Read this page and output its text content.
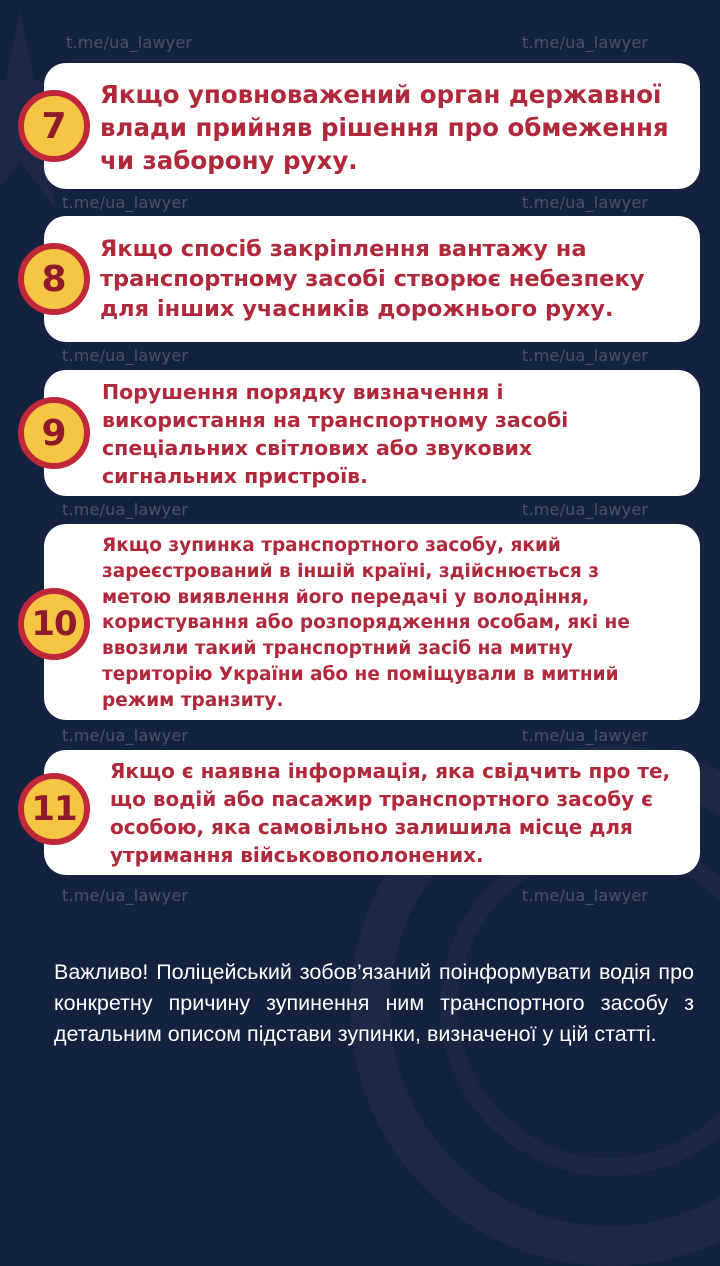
t.me/ua_lawyer	t.me/ua_lawyer
t.me/ua_lawyer	t.me/ua_lawyer
t.me/ua_lawyer	t.me/ua_lawyer
t.me/ua_lawyer	t.me/ua_lawyer
t.me/ua_lawyer	t.me/ua_lawyer
t.me/ua_lawyer	t.me/ua_lawyer
7
Якщо уповноважений орган державної
влади прийняв рішення про обмеження
чи заборону руху.
8
Якщо спосіб закріплення вантажу на
транспортному засобі створює небезпеку
для інших учасників дорожнього руху.
9
Порушення порядку визначення і
використання на транспортному засобі
спеціальних світлових або звукових
сигнальних пристроїв.
10
Якщо зупинка транспортного засобу, який
зареєстрований в іншій країні, здійснюється з
метою виявлення його передачі у володіння,
користування або розпорядження особам, які не
ввозили такий транспортний засіб на митну
територію України або не поміщували в митний
режим транзиту.
11
Якщо є наявна інформація, яка свідчить про те,
що водій або пасажир транспортного засобу є
особою, яка самовільно залишила місце для
утримання військовополонених.
Важливо! Поліцейський зобов’язаний поінформувати водія про конкретну причину зупинення ним транспортного засобу з детальним описом підстави зупинки, визначеної у цій статті.
